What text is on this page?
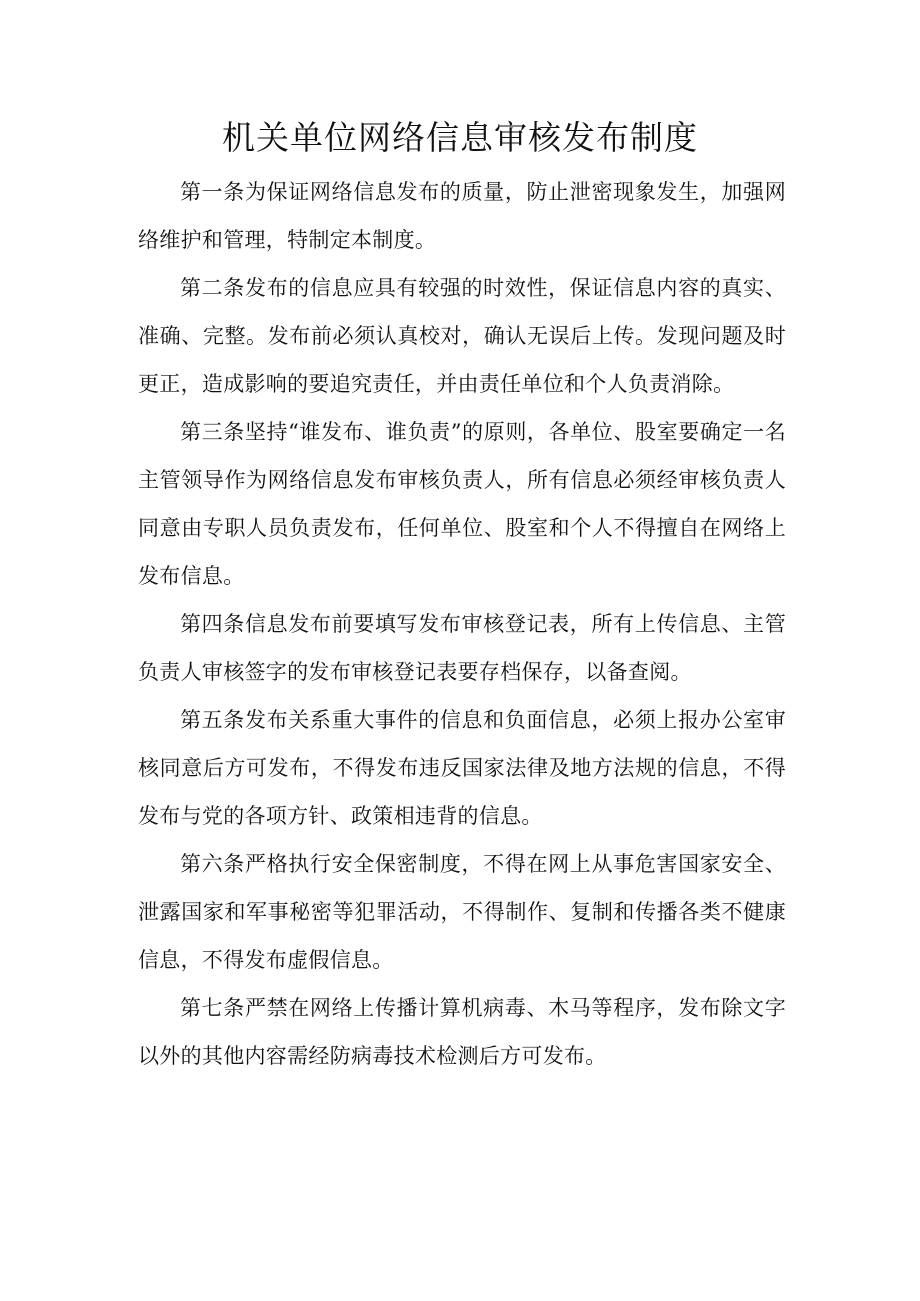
机关单位网络信息审核发布制度

第一条为保证网络信息发布的质量，防止泄密现象发生，加强网络维护和管理，特制定本制度。

第二条发布的信息应具有较强的时效性，保证信息内容的真实、准确、完整。发布前必须认真校对，确认无误后上传。发现问题及时更正，造成影响的要追究责任，并由责任单位和个人负责消除。

第三条坚持“谁发布、谁负责”的原则，各单位、股室要确定一名主管领导作为网络信息发布审核负责人，所有信息必须经审核负责人同意由专职人员负责发布，任何单位、股室和个人不得擅自在网络上发布信息。

第四条信息发布前要填写发布审核登记表，所有上传信息、主管负责人审核签字的发布审核登记表要存档保存，以备查阅。

第五条发布关系重大事件的信息和负面信息，必须上报办公室审核同意后方可发布，不得发布违反国家法律及地方法规的信息，不得发布与党的各项方针、政策相违背的信息。

第六条严格执行安全保密制度，不得在网上从事危害国家安全、泄露国家和军事秘密等犯罪活动，不得制作、复制和传播各类不健康信息，不得发布虚假信息。

第七条严禁在网络上传播计算机病毒、木马等程序，发布除文字以外的其他内容需经防病毒技术检测后方可发布。
